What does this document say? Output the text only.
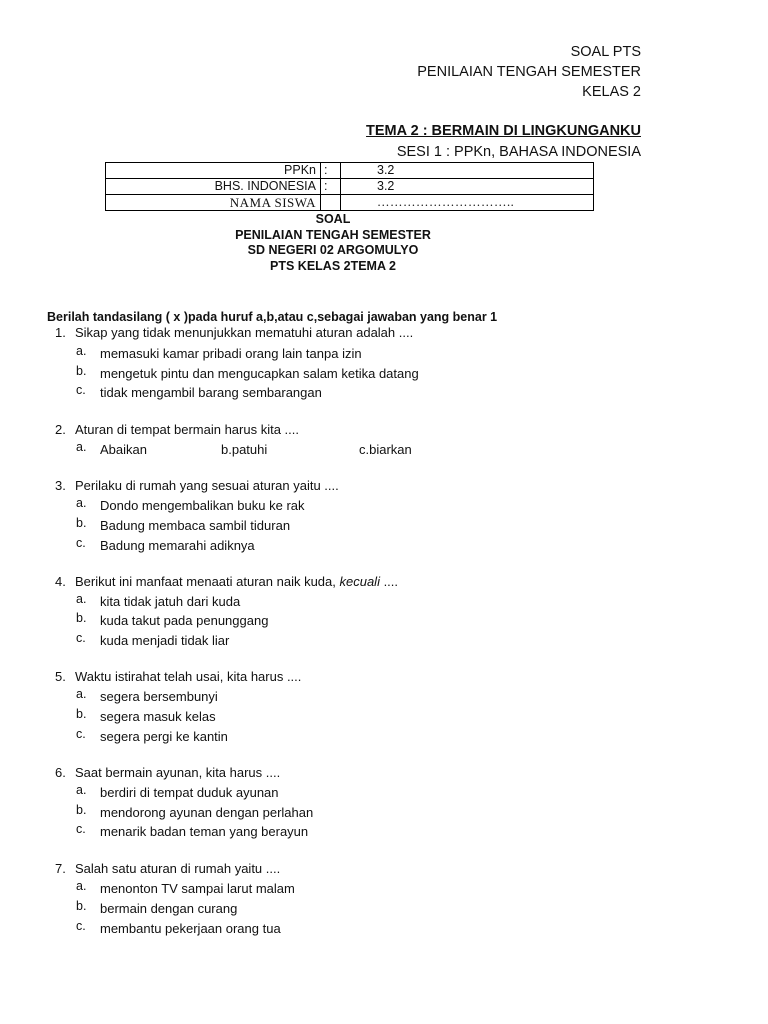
SOAL PTS
PENILAIAN TENGAH SEMESTER
KELAS 2
TEMA 2 : BERMAIN DI LINGKUNGANKU
SESI 1 : PPKn, BAHASA INDONESIA
PPKn	:	3.2
BHS. INDONESIA	:	3.2
NAMA SISWA		…………………………..
SOAL
PENILAIAN TENGAH SEMESTER
SD NEGERI 02 ARGOMULYO
PTS KELAS 2TEMA 2
Berilah tandasilang ( x )pada huruf a,b,atau c,sebagai jawaban yang benar 1
1. Sikap yang tidak menunjukkan mematuhi aturan adalah ....
a. memasuki kamar pribadi orang lain tanpa izin
b. mengetuk pintu dan mengucapkan salam ketika datang
c. tidak mengambil barang sembarangan
2. Aturan di tempat bermain harus kita ....
a. Abaikan	b.patuhi	c.biarkan
3. Perilaku di rumah yang sesuai aturan yaitu ....
a. Dondo mengembalikan buku ke rak
b. Badung membaca sambil tiduran
c. Badung memarahi adiknya
4. Berikut ini manfaat menaati aturan naik kuda, kecuali ....
a. kita tidak jatuh dari kuda
b. kuda takut pada penunggang
c. kuda menjadi tidak liar
5. Waktu istirahat telah usai, kita harus ....
a. segera bersembunyi
b. segera masuk kelas
c. segera pergi ke kantin
6. Saat bermain ayunan, kita harus ....
a. berdiri di tempat duduk ayunan
b. mendorong ayunan dengan perlahan
c. menarik badan teman yang berayun
7. Salah satu aturan di rumah yaitu ....
a. menonton TV sampai larut malam
b. bermain dengan curang
c. membantu pekerjaan orang tua
